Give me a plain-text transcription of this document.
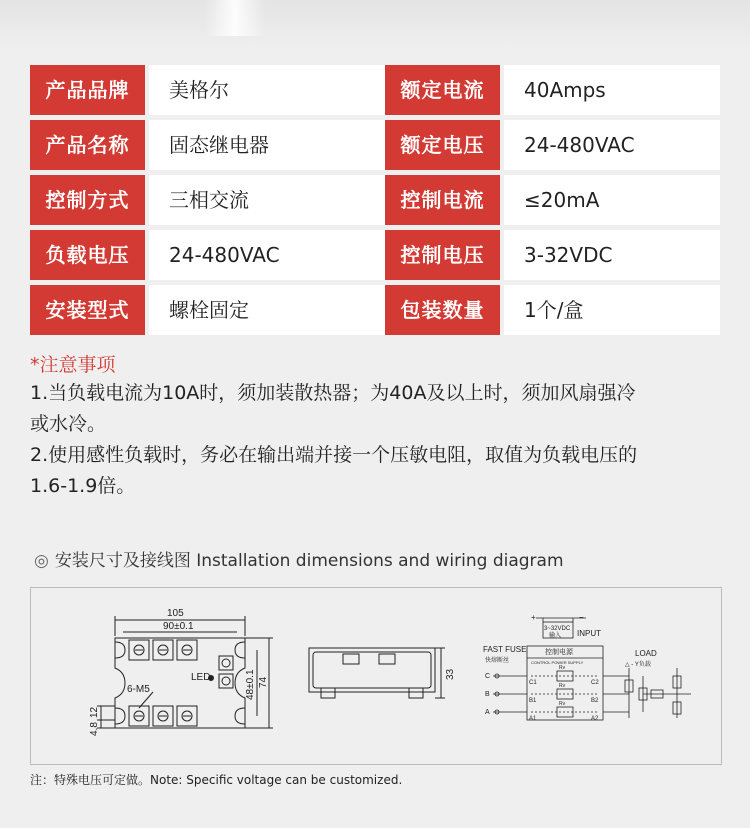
产品品牌	美格尔	额定电流	40Amps
产品名称	固态继电器	额定电压	24-480VAC
控制方式	三相交流	控制电流	≤20mA
负载电压	24-480VAC	控制电压	3-32VDC
安装型式	螺栓固定	包装数量	1个/盒
*注意事项
1.当负载电流为10A时，须加装散热器；为40A及以上时，须加风扇强冷
或水冷。
2.使用感性负载时，务必在输出端并接一个压敏电阻，取值为负载电压的
1.6-1.9倍。
◎ 安装尺寸及接线图 Installation dimensions and wiring diagram
105
90±0.1
LED
6-M5	48±0.1 74
12
4.8
33
+	−
3~32VDC
输入 INPUT
FAST FUSE
快熔断丝
控制电源
CONTROL POWER SUPPLY
LOAD
△ - Y负载
C
B
A
C1
B1
A1
C2
B2
A2
Rv
Rv
Rv
注：特殊电压可定做。Note: Specific voltage can be customized.
